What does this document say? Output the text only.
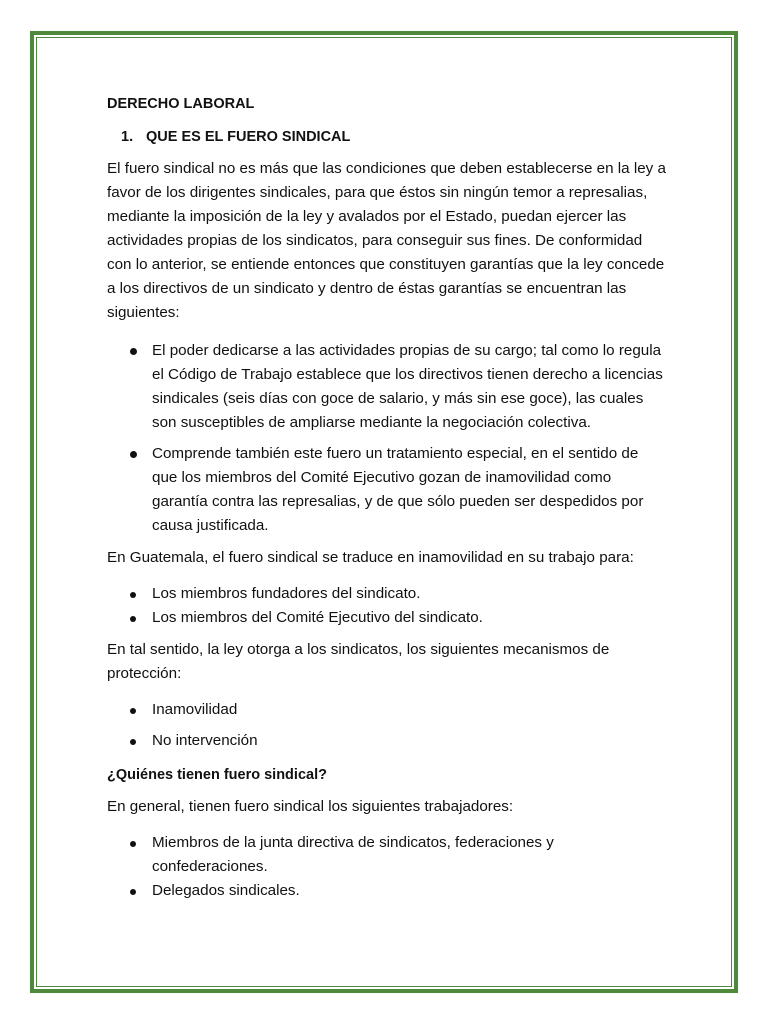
DERECHO LABORAL

1. QUE ES EL FUERO SINDICAL

El fuero sindical no es más que las condiciones que deben establecerse en la ley a favor de los dirigentes sindicales, para que éstos sin ningún temor a represalias, mediante la imposición de la ley y avalados por el Estado, puedan ejercer las actividades propias de los sindicatos, para conseguir sus fines. De conformidad con lo anterior, se entiende entonces que constituyen garantías que la ley concede a los directivos de un sindicato y dentro de éstas garantías se encuentran las siguientes:

El poder dedicarse a las actividades propias de su cargo; tal como lo regula el Código de Trabajo establece que los directivos tienen derecho a licencias sindicales (seis días con goce de salario, y más sin ese goce), las cuales son susceptibles de ampliarse mediante la negociación colectiva.
Comprende también este fuero un tratamiento especial, en el sentido de que los miembros del Comité Ejecutivo gozan de inamovilidad como garantía contra las represalias, y de que sólo pueden ser despedidos por causa justificada.

En Guatemala, el fuero sindical se traduce en inamovilidad en su trabajo para:

Los miembros fundadores del sindicato.
Los miembros del Comité Ejecutivo del sindicato.

En tal sentido, la ley otorga a los sindicatos, los siguientes mecanismos de protección:

Inamovilidad
No intervención

¿Quiénes tienen fuero sindical?

En general, tienen fuero sindical los siguientes trabajadores:

Miembros de la junta directiva de sindicatos, federaciones y confederaciones.
Delegados sindicales.
